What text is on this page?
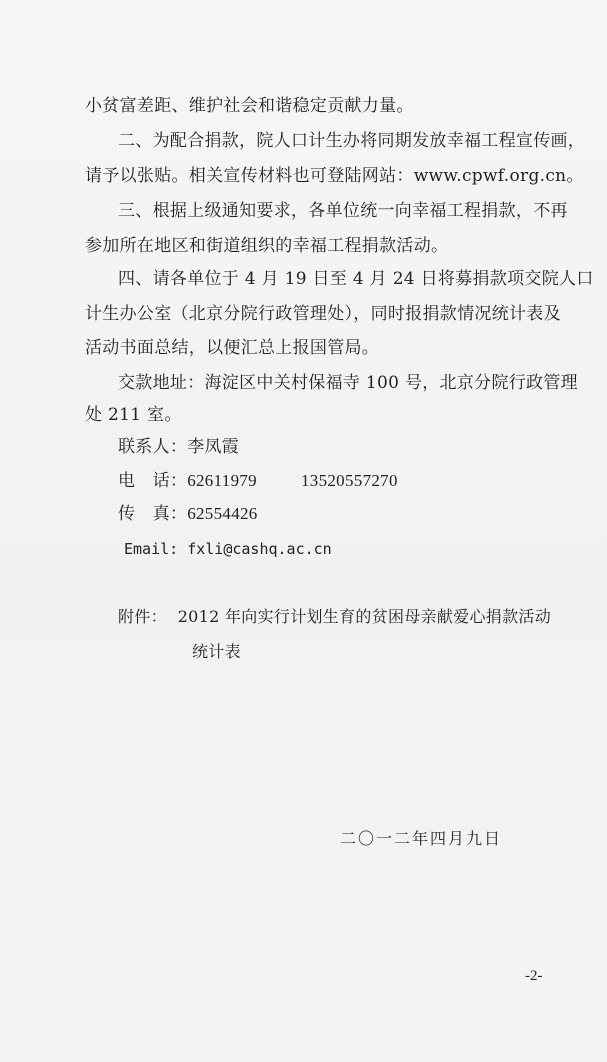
小贫富差距、维护社会和谐稳定贡献力量。
二、为配合捐款，院人口计生办将同期发放幸福工程宣传画，
请予以张贴。相关宣传材料也可登陆网站：www.cpwf.org.cn。
三、根据上级通知要求，各单位统一向幸福工程捐款，不再
参加所在地区和街道组织的幸福工程捐款活动。
四、请各单位于 4 月 19 日至 4 月 24 日将募捐款项交院人口
计生办公室（北京分院行政管理处），同时报捐款情况统计表及
活动书面总结，以便汇总上报国管局。
交款地址：海淀区中关村保福寺 100 号，北京分院行政管理
处 211 室。
联系人：李凤霞
电　话：62611979	13520557270
传　真：62554426
Email: fxli@cashq.ac.cn
附件： 2012 年向实行计划生育的贫困母亲献爱心捐款活动
统计表
二〇一二年四月九日
-2-
